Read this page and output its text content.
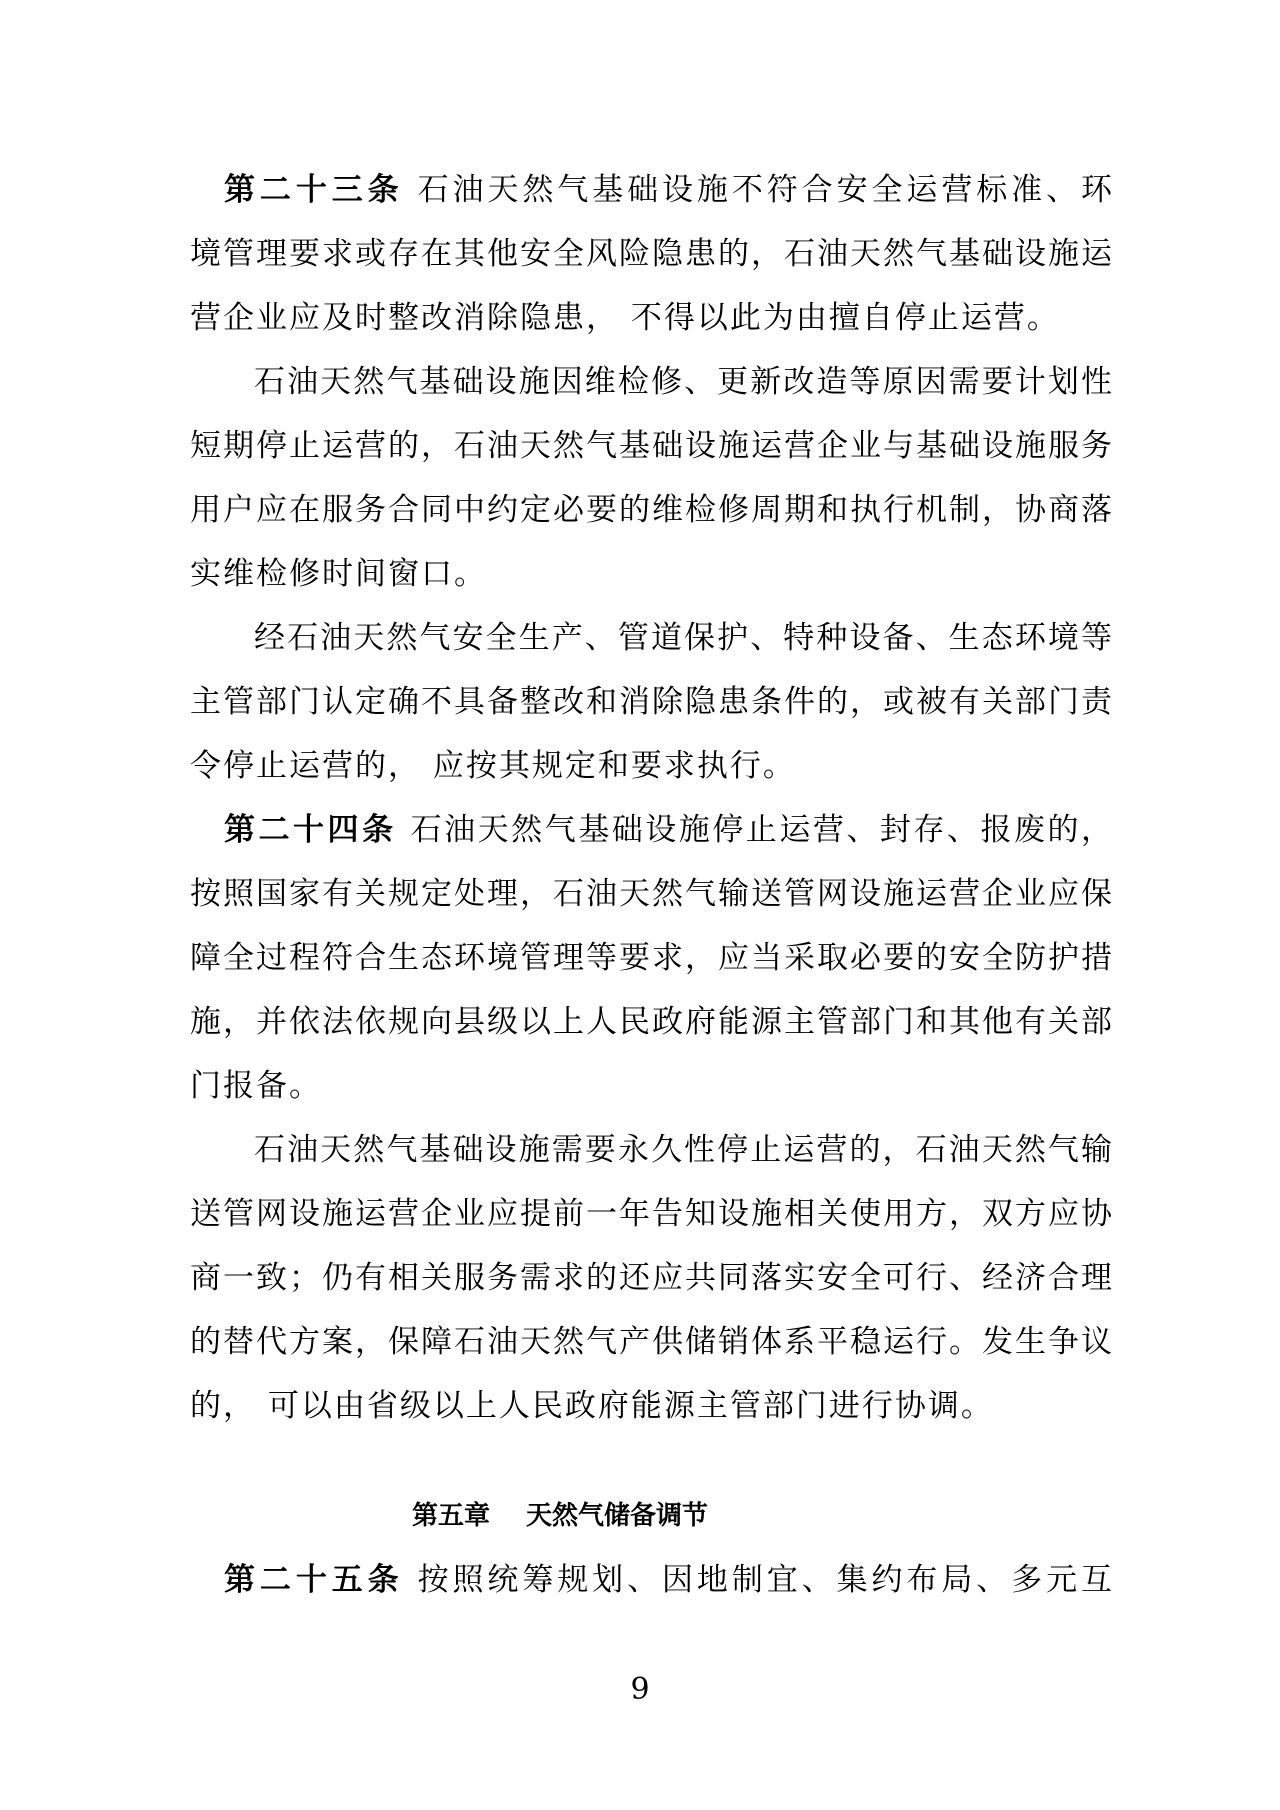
第二十三条 石油天然气基础设施不符合安全运营标准、环
境管理要求或存在其他安全风险隐患的，石油天然气基础设施运
营企业应及时整改消除隐患， 不得以此为由擅自停止运营。
石油天然气基础设施因维检修、更新改造等原因需要计划性
短期停止运营的，石油天然气基础设施运营企业与基础设施服务
用户应在服务合同中约定必要的维检修周期和执行机制，协商落
实维检修时间窗口。
经石油天然气安全生产、管道保护、特种设备、生态环境等
主管部门认定确不具备整改和消除隐患条件的，或被有关部门责
令停止运营的， 应按其规定和要求执行。
第二十四条 石油天然气基础设施停止运营、封存、报废的，
按照国家有关规定处理，石油天然气输送管网设施运营企业应保
障全过程符合生态环境管理等要求，应当采取必要的安全防护措
施，并依法依规向县级以上人民政府能源主管部门和其他有关部
门报备。
石油天然气基础设施需要永久性停止运营的，石油天然气输
送管网设施运营企业应提前一年告知设施相关使用方，双方应协
商一致；仍有相关服务需求的还应共同落实安全可行、经济合理
的替代方案，保障石油天然气产供储销体系平稳运行。发生争议
的， 可以由省级以上人民政府能源主管部门进行协调。
第五章 天然气储备调节
第二十五条 按照统筹规划、因地制宜、集约布局、多元互
9
